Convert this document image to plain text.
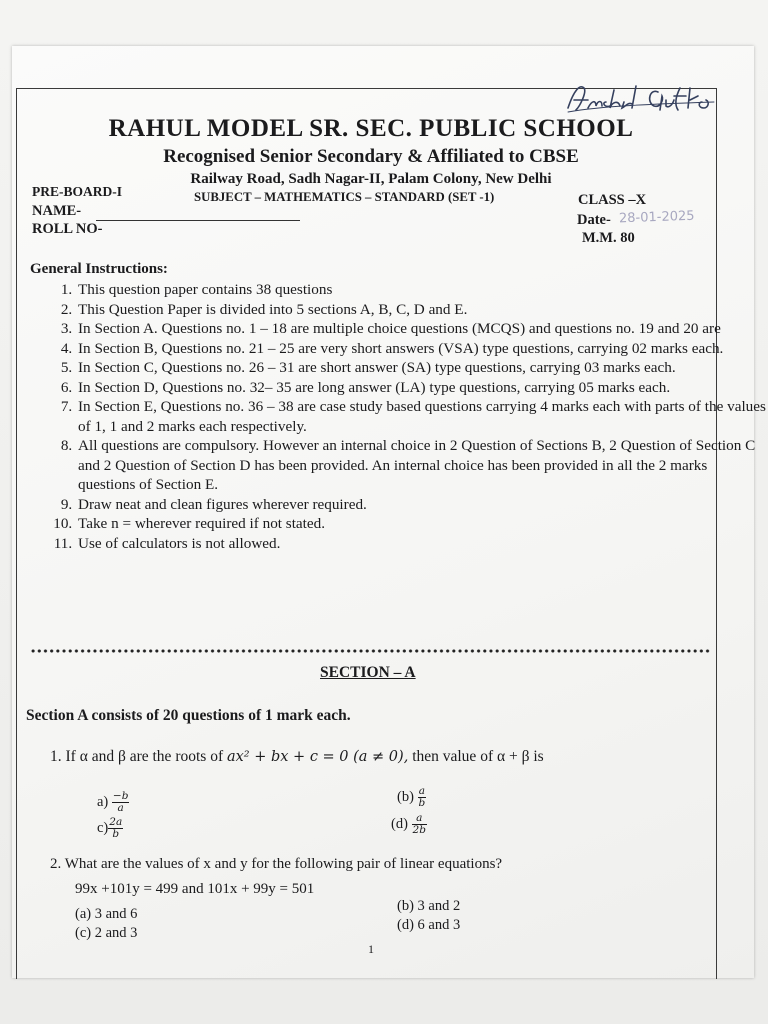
RAHUL MODEL SR. SEC. PUBLIC SCHOOL
Recognised Senior Secondary & Affiliated to CBSE
Railway Road, Sadh Nagar-II, Palam Colony, New Delhi
PRE-BOARD-I	SUBJECT – MATHEMATICS – STANDARD (SET -1)	CLASS –X
NAME-
Date- 28-01-2025
ROLL NO-
M.M. 80
General Instructions:
1. This question paper contains 38 questions
2. This Question Paper is divided into 5 sections A, B, C, D and E.
3. In Section A. Questions no. 1 – 18 are multiple choice questions (MCQS) and questions no. 19 and 20 are
4. In Section B, Questions no. 21 – 25 are very short answers (VSA) type questions, carrying 02 marks each.
5. In Section C, Questions no. 26 – 31 are short answer (SA) type questions, carrying 03 marks each.
6. In Section D, Questions no. 32– 35 are long answer (LA) type questions, carrying 05 marks each.
7. In Section E, Questions no. 36 – 38 are case study based questions carrying 4 marks each with parts of the values of 1, 1 and 2 marks each respectively.
8. All questions are compulsory. However an internal choice in 2 Question of Sections B, 2 Question of Section C and 2 Question of Section D has been provided. An internal choice has been provided in all the 2 marks questions of Section E.
9. Draw neat and clean figures wherever required.
10. Take n = wherever required if not stated.
11. Use of calculators is not allowed.
SECTION – A
Section A consists of 20 questions of 1 mark each.
1. If α and β are the roots of ax² + bx + c = 0 (a ≠ 0), then value of α + β is
$a) \frac{-b}{a}$	$(b) \frac{a}{b}$
$c) \frac{2a}{b}$	$(d) \frac{a}{2b}$
2. What are the values of x and y for the following pair of linear equations?
99x +101y = 499 and 101x + 99y = 501
(a) 3 and 6	(b) 3 and 2
(c) 2 and 3	(d) 6 and 3
1
